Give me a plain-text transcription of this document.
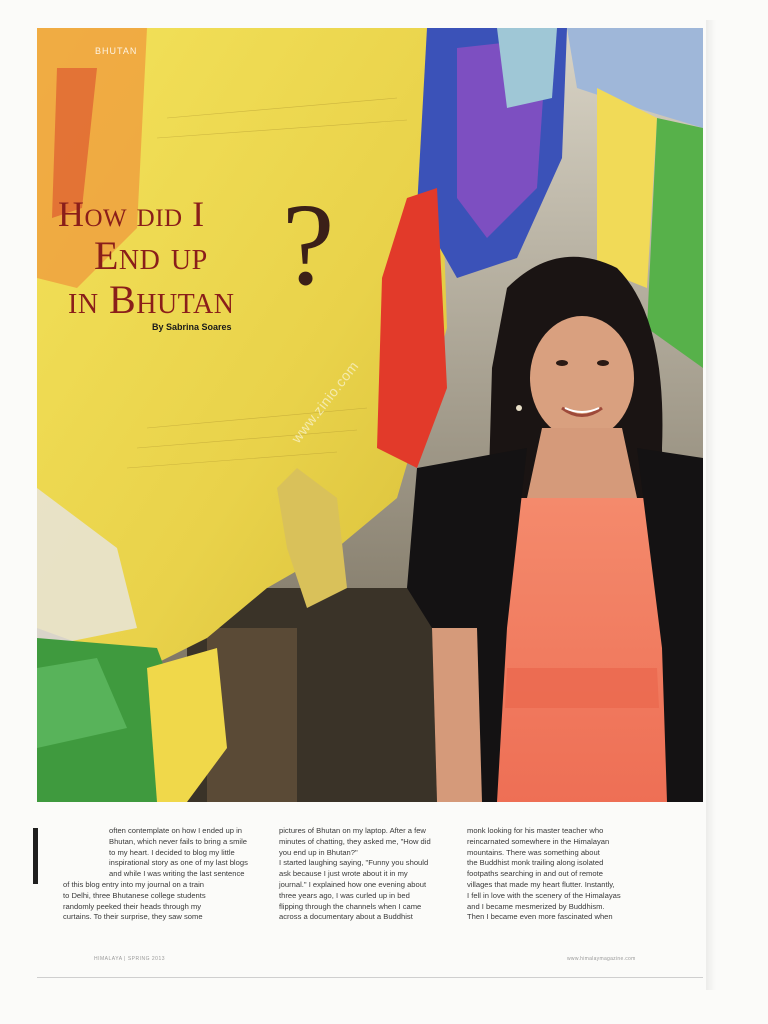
BHUTAN
How did I
End up
in Bhutan ?
By Sabrina Soares
www.zinio.com

often contemplate on how I ended up in

Bhutan, which never fails to bring a smile

to my heart. I decided to blog my little

inspirational story as one of my last blogs

and while I was writing the last sentence

of this blog entry into my journal on a train

to Delhi, three Bhutanese college students

randomly peeked their heads through my

curtains. To their surprise, they saw some

pictures of Bhutan on my laptop. After a few

minutes of chatting, they asked me, "How did

you end up in Bhutan?"

I started laughing saying, "Funny you should

ask because I just wrote about it in my

journal." I explained how one evening about

three years ago, I was curled up in bed

flipping through the channels when I came

across a documentary about a Buddhist

monk looking for his master teacher who

reincarnated somewhere in the Himalayan

mountains. There was something about

the Buddhist monk trailing along isolated

footpaths searching in and out of remote

villages that made my heart flutter. Instantly,

I fell in love with the scenery of the Himalayas

and I became mesmerized by Buddhism.

Then I became even more fascinated when

HIMALAYA | SPRING 2013	www.himalaymagazine.com
